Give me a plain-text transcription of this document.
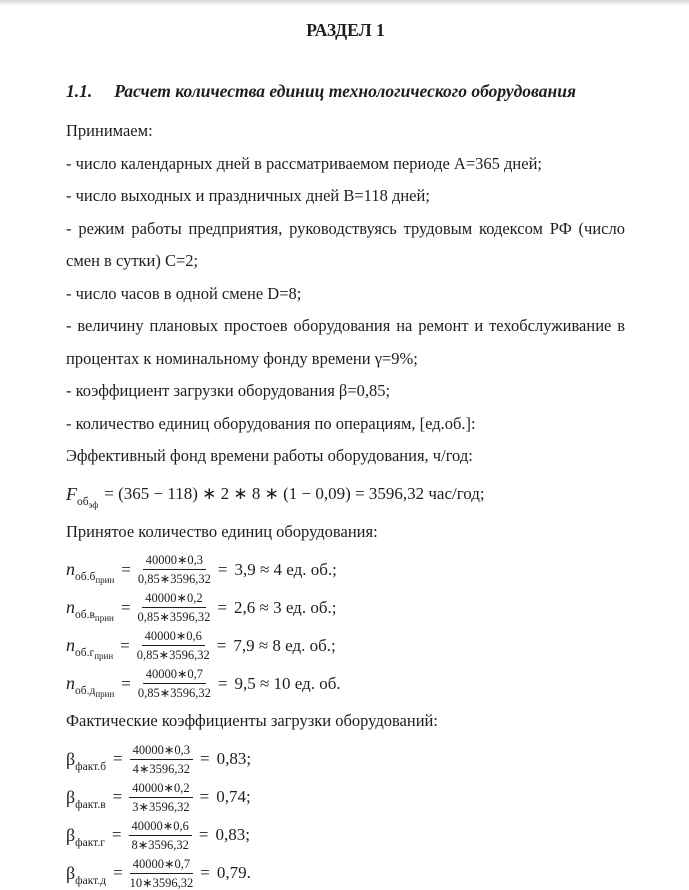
РАЗДЕЛ 1
1.1. Расчет количества единиц технологического оборудования

Принимаем:

- число календарных дней в рассматриваемом периоде А=365 дней;

- число выходных и праздничных дней В=118 дней;

- режим работы предприятия, руководствуясь трудовым кодексом РФ (число смен в сутки) С=2;

- число часов в одной смене D=8;

- величину плановых простоев оборудования на ремонт и техобслуживание в процентах к номинальному фонду времени γ=9%;

- коэффициент загрузки оборудования β=0,85;

- количество единиц оборудования по операциям, [ед.об.]:

Эффективный фонд времени работы оборудования, ч/год:

$F_{об_{эф}}$
= (365 − 118) ∗ 2 ∗ 8 ∗ (1 − 0,09) = 3596,32 час/год;

Принятое количество единиц оборудования:

$n_{об.б_{прин}}$
= $\frac{40000∗0,3}{0,85∗3596,32} = 3,9 \approx 4$ ед. об.;
$n_{об.в_{прин}}$
= $\frac{40000∗0,2}{0,85∗3596,32} = 2,6 \approx 3$ ед. об.;
$n_{об.г_{прин}}$
= $\frac{40000∗0,6}{0,85∗3596,32} = 7,9 \approx 8$ ед. об.;
$n_{об.д_{прин}}$
= $\frac{40000∗0,7}{0,85∗3596,32} = 9,5 \approx 10$ ед. об.

Фактические коэффициенты загрузки оборудований:

$\beta_{факт.б} = \frac{40000∗0,3}{4∗3596,32} = 0,83$;
$\beta_{факт.в} = \frac{40000∗0,2}{3∗3596,32} = 0,74$;
$\beta_{факт.г} = \frac{40000∗0,6}{8∗3596,32} = 0,83$;
$\beta_{факт.д} = \frac{40000∗0,7}{10∗3596,32} = 0,79$.
